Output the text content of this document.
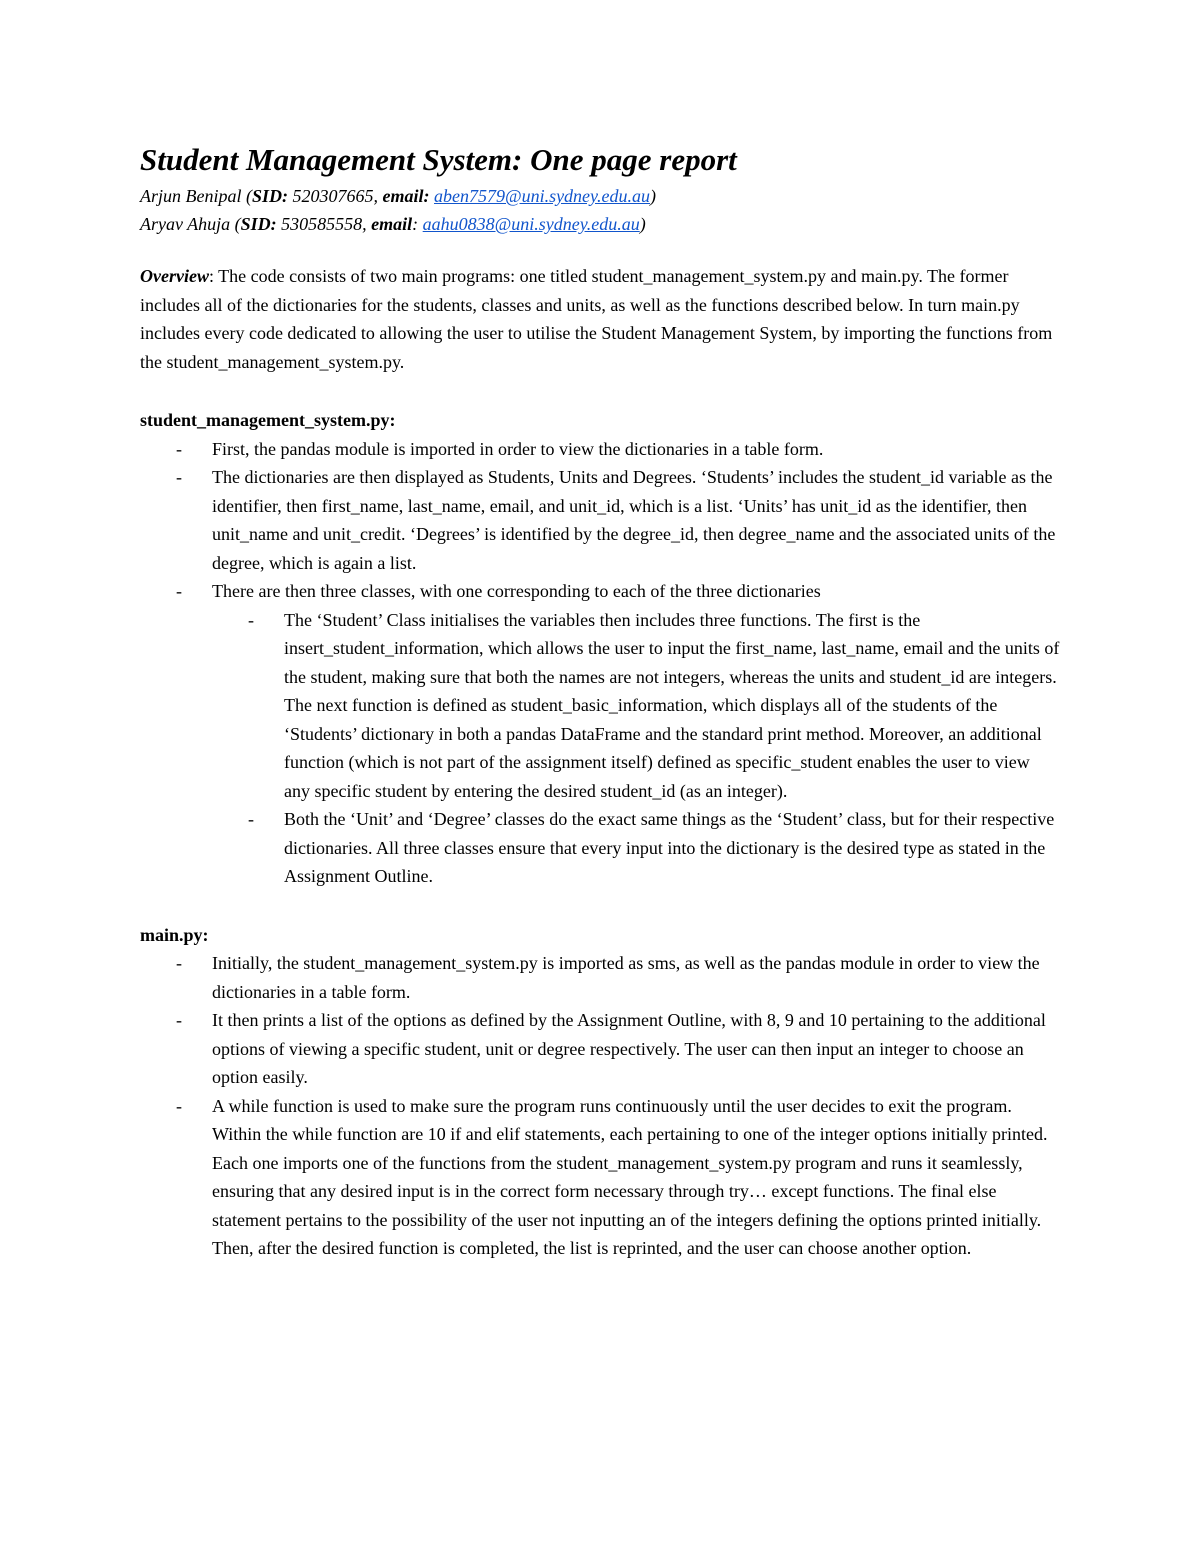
Student Management System: One page report
Arjun Benipal (SID: 520307665, email: aben7579@uni.sydney.edu.au)
Aryav Ahuja (SID: 530585558, email: aahu0838@uni.sydney.edu.au)
Overview: The code consists of two main programs: one titled student_management_system.py and main.py. The former includes all of the dictionaries for the students, classes and units, as well as the functions described below. In turn main.py includes every code dedicated to allowing the user to utilise the Student Management System, by importing the functions from the student_management_system.py.
student_management_system.py:
- First, the pandas module is imported in order to view the dictionaries in a table form.
- The dictionaries are then displayed as Students, Units and Degrees. ‘Students’ includes the student_id variable as the identifier, then first_name, last_name, email, and unit_id, which is a list. ‘Units’ has unit_id as the identifier, then unit_name and unit_credit. ‘Degrees’ is identified by the degree_id, then degree_name and the associated units of the degree, which is again a list.
- There are then three classes, with one corresponding to each of the three dictionaries
- The ‘Student’ Class initialises the variables then includes three functions. The first is the insert_student_information, which allows the user to input the first_name, last_name, email and the units of the student, making sure that both the names are not integers, whereas the units and student_id are integers. The next function is defined as student_basic_information, which displays all of the students of the ‘Students’ dictionary in both a pandas DataFrame and the standard print method. Moreover, an additional function (which is not part of the assignment itself) defined as specific_student enables the user to view any specific student by entering the desired student_id (as an integer).
- Both the ‘Unit’ and ‘Degree’ classes do the exact same things as the ‘Student’ class, but for their respective dictionaries. All three classes ensure that every input into the dictionary is the desired type as stated in the Assignment Outline.
main.py:
- Initially, the student_management_system.py is imported as sms, as well as the pandas module in order to view the dictionaries in a table form.
- It then prints a list of the options as defined by the Assignment Outline, with 8, 9 and 10 pertaining to the additional options of viewing a specific student, unit or degree respectively. The user can then input an integer to choose an option easily.
- A while function is used to make sure the program runs continuously until the user decides to exit the program. Within the while function are 10 if and elif statements, each pertaining to one of the integer options initially printed. Each one imports one of the functions from the student_management_system.py program and runs it seamlessly, ensuring that any desired input is in the correct form necessary through try… except functions. The final else statement pertains to the possibility of the user not inputting an of the integers defining the options printed initially. Then, after the desired function is completed, the list is reprinted, and the user can choose another option.
